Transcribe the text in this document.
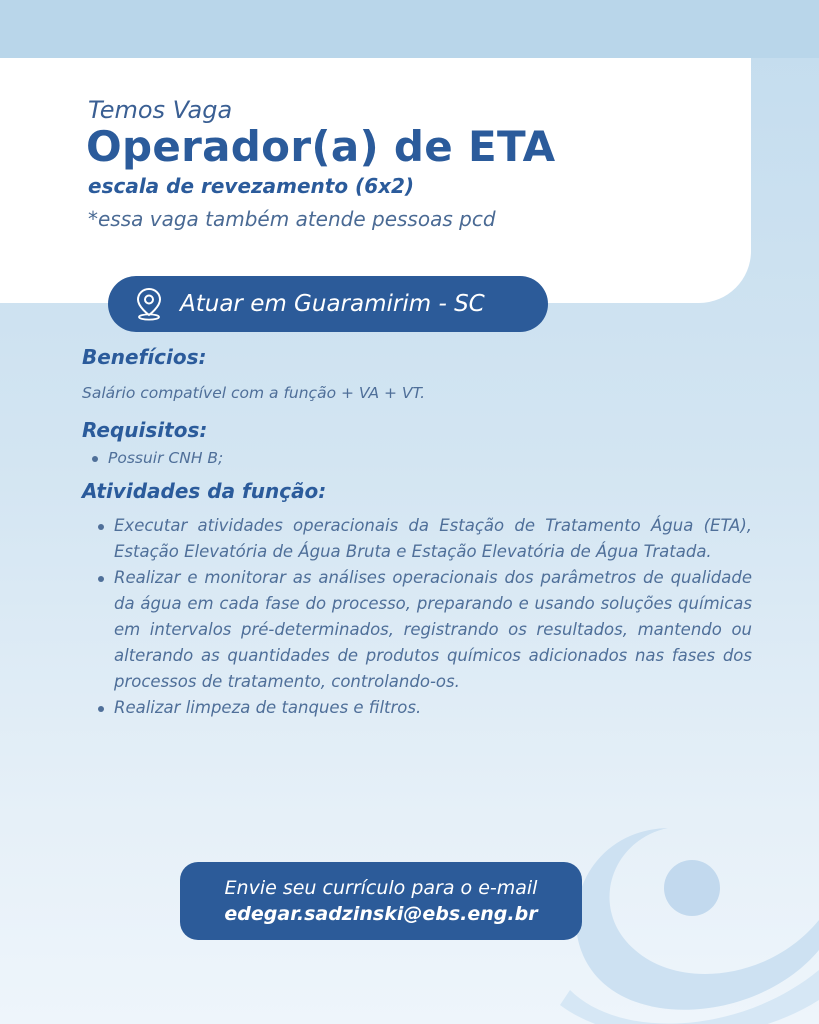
Temos Vaga
Operador(a) de ETA
escala de revezamento (6x2)

*essa vaga também atende pessoas pcd

Atuar em Guaramirim - SC
Benefícios:

Salário compatível com a função + VA + VT.

Requisitos:
Possuir CNH B;
Atividades da função:
Executar atividades operacionais da Estação de Tratamento Água (ETA), Estação Elevatória de Água Bruta e Estação Elevatória de Água Tratada.
Realizar e monitorar as análises operacionais dos parâmetros de qualidade da água em cada fase do processo, preparando e usando soluções químicas em intervalos pré-determinados, registrando os resultados, mantendo ou alterando as quantidades de produtos químicos adicionados nas fases dos processos de tratamento, controlando-os.
Realizar limpeza de tanques e filtros.
Envie seu currículo para o e-mail
edegar.sadzinski@ebs.eng.br
